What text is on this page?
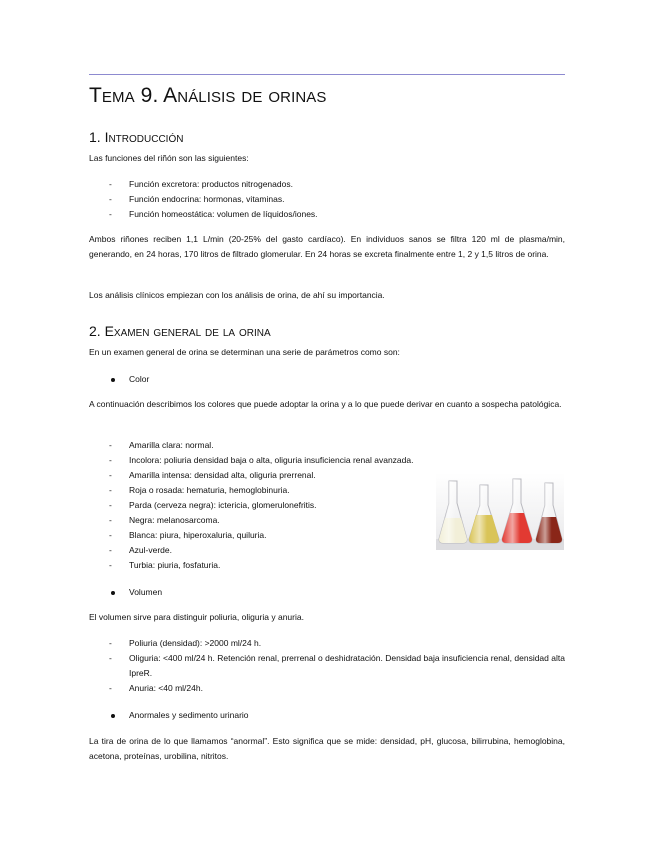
Tema 9. Análisis de orinas
1. Introducción

Las funciones del riñón son las siguientes:

- Función excretora: productos nitrogenados.
- Función endocrina: hormonas, vitaminas.
- Función homeostática: volumen de líquidos/iones.

Ambos riñones reciben 1,1 L/min (20-25% del gasto cardíaco). En individuos sanos se filtra 120 ml de plasma/min, generando, en 24 horas, 170 litros de filtrado glomerular. En 24 horas se excreta finalmente entre 1, 2 y 1,5 litros de orina.

Los análisis clínicos empiezan con los análisis de orina, de ahí su importancia.

2. Examen general de la orina

En un examen general de orina se determinan una serie de parámetros como son:

Color

A continuación describimos los colores que puede adoptar la orina y a lo que puede derivar en cuanto a sospecha patológica.

- Amarilla clara: normal.
- Incolora: poliuria densidad baja o alta, oliguria insuficiencia renal avanzada.
- Amarilla intensa: densidad alta, oliguria prerrenal.
- Roja o rosada: hematuria, hemoglobinuria.
- Parda (cerveza negra): ictericia, glomerulonefritis.
- Negra: melanosarcoma.
- Blanca: piura, hiperoxaluria, quiluria.
- Azul-verde.
- Turbia: piuria, fosfaturia.
Volumen

El volumen sirve para distinguir poliuria, oliguria y anuria.

- Poliuria (densidad): >2000 ml/24 h.
- Oliguria: <400 ml/24 h. Retención renal, prerrenal o deshidratación. Densidad baja insuficiencia renal, densidad alta IpreR.
- Anuria: <40 ml/24h.
Anormales y sedimento urinario

La tira de orina de lo que llamamos “anormal”. Esto significa que se mide: densidad, pH, glucosa, bilirrubina, hemoglobina, acetona, proteínas, urobilina, nitritos.
